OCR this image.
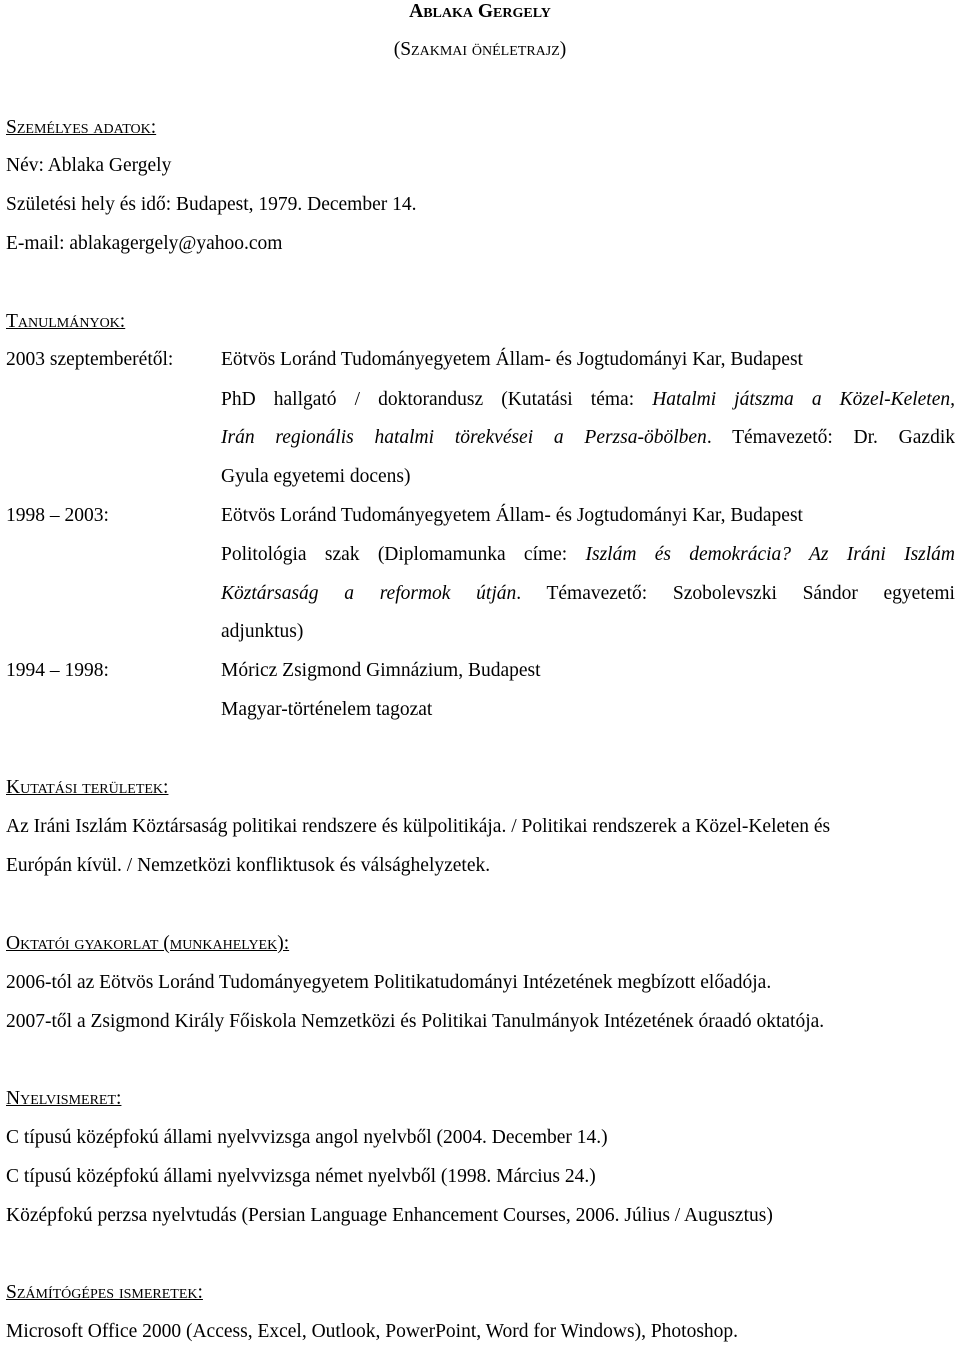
Ablaka Gergely
(Szakmai önéletrajz)
Személyes adatok:
Név: Ablaka Gergely
Születési hely és idő: Budapest, 1979. December 14.
E-mail: ablakagergely@yahoo.com
Tanulmányok:
2003 szeptemberétől: Eötvös Loránd Tudományegyetem Állam- és Jogtudományi Kar, Budapest
PhD hallgató / doktorandusz (Kutatási téma: Hatalmi játszma a Közel-Keleten,
Irán regionális hatalmi törekvései a Perzsa-öbölben. Témavezető: Dr. Gazdik
Gyula egyetemi docens)
1998 – 2003:	Eötvös Loránd Tudományegyetem Állam- és Jogtudományi Kar, Budapest
Politológia szak (Diplomamunka címe: Iszlám és demokrácia? Az Iráni Iszlám
Köztársaság a reformok útján. Témavezető: Szobolevszki Sándor egyetemi
adjunktus)
1994 – 1998:	Móricz Zsigmond Gimnázium, Budapest
Magyar-történelem tagozat
Kutatási területek:
Az Iráni Iszlám Köztársaság politikai rendszere és külpolitikája. / Politikai rendszerek a Közel-Keleten és
Európán kívül. / Nemzetközi konfliktusok és válsághelyzetek.
Oktatói gyakorlat (munkahelyek):
2006-tól az Eötvös Loránd Tudományegyetem Politikatudományi Intézetének megbízott előadója.
2007-től a Zsigmond Király Főiskola Nemzetközi és Politikai Tanulmányok Intézetének óraadó oktatója.
Nyelvismeret:
C típusú középfokú állami nyelvvizsga angol nyelvből (2004. December 14.)
C típusú középfokú állami nyelvvizsga német nyelvből (1998. Március 24.)
Középfokú perzsa nyelvtudás (Persian Language Enhancement Courses, 2006. Július / Augusztus)
Számítógépes ismeretek:
Microsoft Office 2000 (Access, Excel, Outlook, PowerPoint, Word for Windows), Photoshop.
